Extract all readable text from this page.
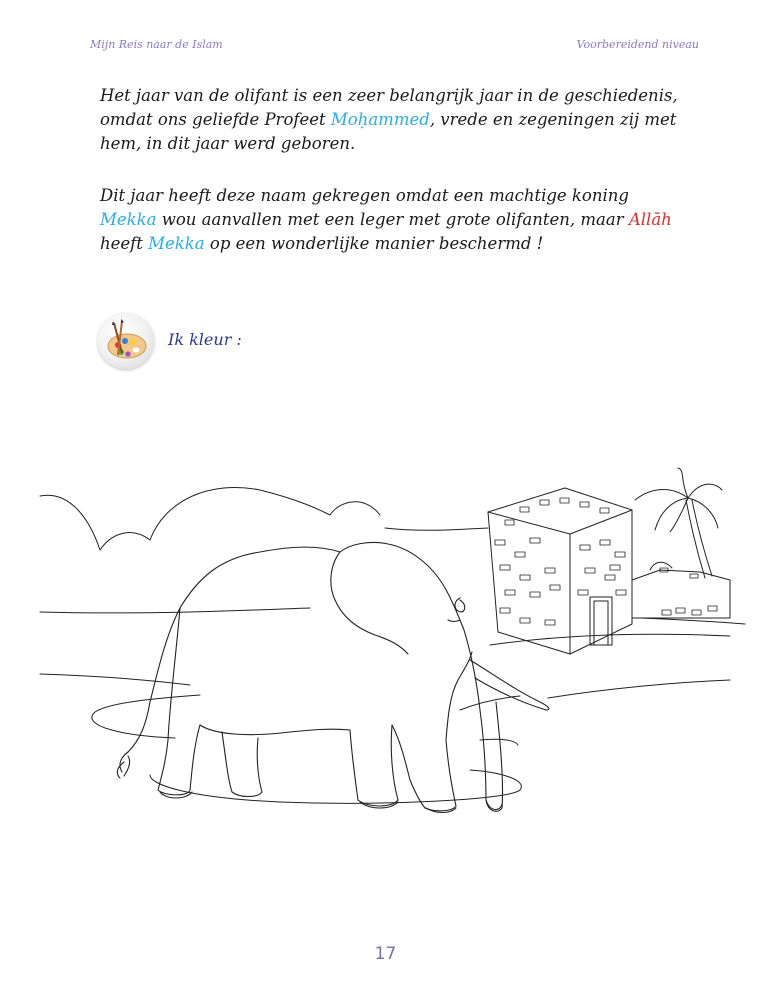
Mijn Reis naar de Islam	Voorbereidend niveau
Het jaar van de olifant is een zeer belangrijk jaar in de geschiedenis,
omdat ons geliefde Profeet Moḥammed, vrede en zegeningen zij met
hem, in dit jaar werd geboren.
Dit jaar heeft deze naam gekregen omdat een machtige koning
Mekka wou aanvallen met een leger met grote olifanten, maar Allāh
heeft Mekka op een wonderlijke manier beschermd !
Ik kleur :
17
